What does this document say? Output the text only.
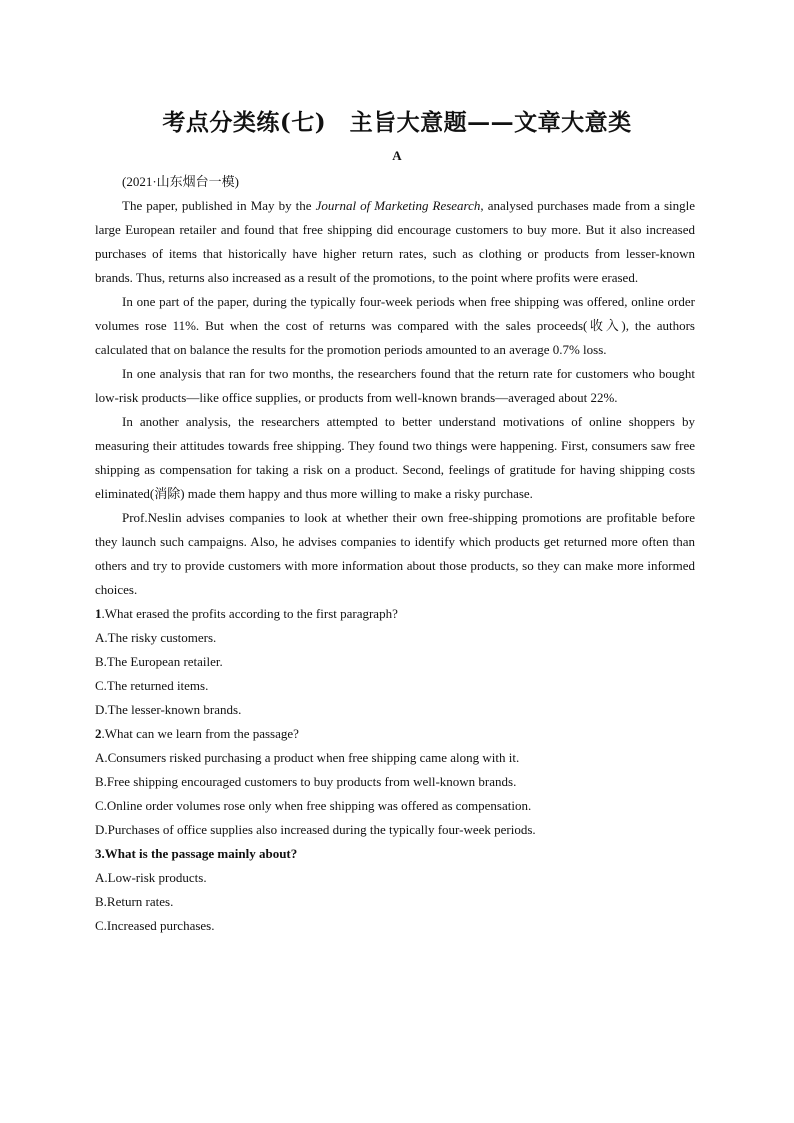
考点分类练(七)　主旨大意题——文章大意类
A
(2021·山东烟台一模)

The paper, published in May by the Journal of Marketing Research, analysed purchases made from a single large European retailer and found that free shipping did encourage customers to buy more. But it also increased purchases of items that historically have higher return rates, such as clothing or products from lesser-known brands. Thus, returns also increased as a result of the promotions, to the point where profits were erased.

In one part of the paper, during the typically four-week periods when free shipping was offered, online order volumes rose 11%. But when the cost of returns was compared with the sales proceeds(收入), the authors calculated that on balance the results for the promotion periods amounted to an average 0.7% loss.

In one analysis that ran for two months, the researchers found that the return rate for customers who bought low-risk products—like office supplies, or products from well-known brands—averaged about 22%.

In another analysis, the researchers attempted to better understand motivations of online shoppers by measuring their attitudes towards free shipping. They found two things were happening. First, consumers saw free shipping as compensation for taking a risk on a product. Second, feelings of gratitude for having shipping costs eliminated(消除) made them happy and thus more willing to make a risky purchase.

Prof.Neslin advises companies to look at whether their own free-shipping promotions are profitable before they launch such campaigns. Also, he advises companies to identify which products get returned more often than others and try to provide customers with more information about those products, so they can make more informed choices.

1.What erased the profits according to the first paragraph?

A.The risky customers.

B.The European retailer.

C.The returned items.

D.The lesser-known brands.

2.What can we learn from the passage?

A.Consumers risked purchasing a product when free shipping came along with it.

B.Free shipping encouraged customers to buy products from well-known brands.

C.Online order volumes rose only when free shipping was offered as compensation.

D.Purchases of office supplies also increased during the typically four-week periods.

3.What is the passage mainly about?

A.Low-risk products.

B.Return rates.

C.Increased purchases.
